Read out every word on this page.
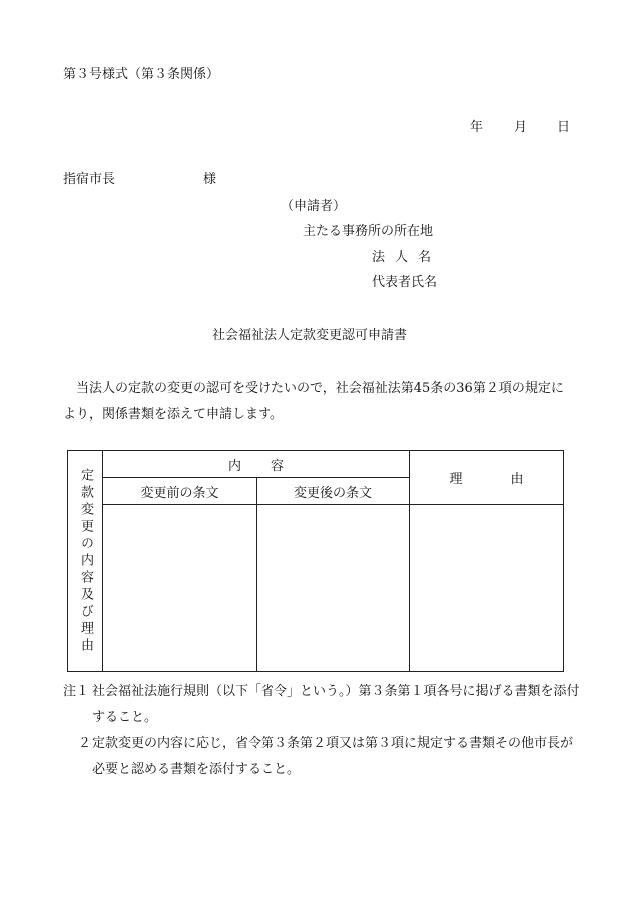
第３号様式（第３条関係）
年 月 日
指宿市長	様
（申請者）
主たる事務所の所在地
法人名
代表者氏名
社会福祉法人定款変更認可申請書
当法人の定款の変更の認可を受けたいので，社会福祉法第45条の36第２項の規定により，関係書類を添えて申請します。
定款変更の内容及び理由	内容		理由
	変更前の条文	変更後の条文	

注１ 社会福祉法施行規則（以下「省令」という。）第３条第１項各号に掲げる書類を添付すること。
２ 定款変更の内容に応じ，省令第３条第２項又は第３項に規定する書類その他市長が必要と認める書類を添付すること。
